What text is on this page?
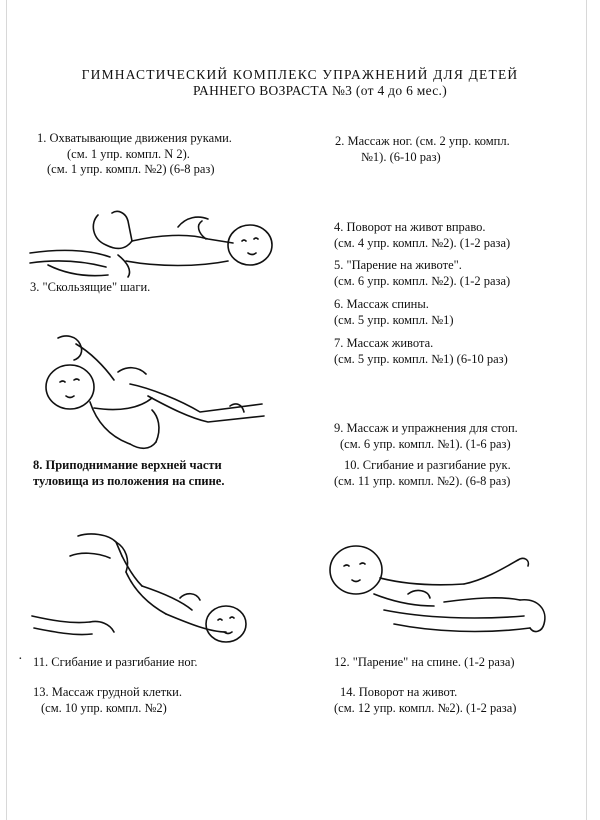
ГИМНАСТИЧЕСКИЙ КОМПЛЕКС УПРАЖНЕНИЙ ДЛЯ ДЕТЕЙ
РАННЕГО ВОЗРАСТА №3 (от 4 до 6 мес.)
1. Охватывающие движения руками.
(см. 1 упр. компл. N 2).
(см. 1 упр. компл. №2) (6-8 раз)
3. "Скользящие" шаги.
8. Приподнимание верхней части
туловища из положения на спине.
· 11. Сгибание и разгибание ног.
13. Массаж грудной клетки.
(см. 10 упр. компл. №2)
2. Массаж ног. (см. 2 упр. компл.
№1). (6-10 раз)
4. Поворот на живот вправо.
(см. 4 упр. компл. №2). (1-2 раза)
5. "Парение на животе".
(см. 6 упр. компл. №2). (1-2 раза)
6. Массаж спины.
(см. 5 упр. компл. №1)
7. Массаж живота.
(см. 5 упр. компл. №1) (6-10 раз)
9. Массаж и упражнения для стоп.
(см. 6 упр. компл. №1). (1-6 раз)
10. Сгибание и разгибание рук.
(см. 11 упр. компл. №2). (6-8 раз)
12. "Парение" на спине. (1-2 раза)
14. Поворот на живот.
(см. 12 упр. компл. №2). (1-2 раза)
